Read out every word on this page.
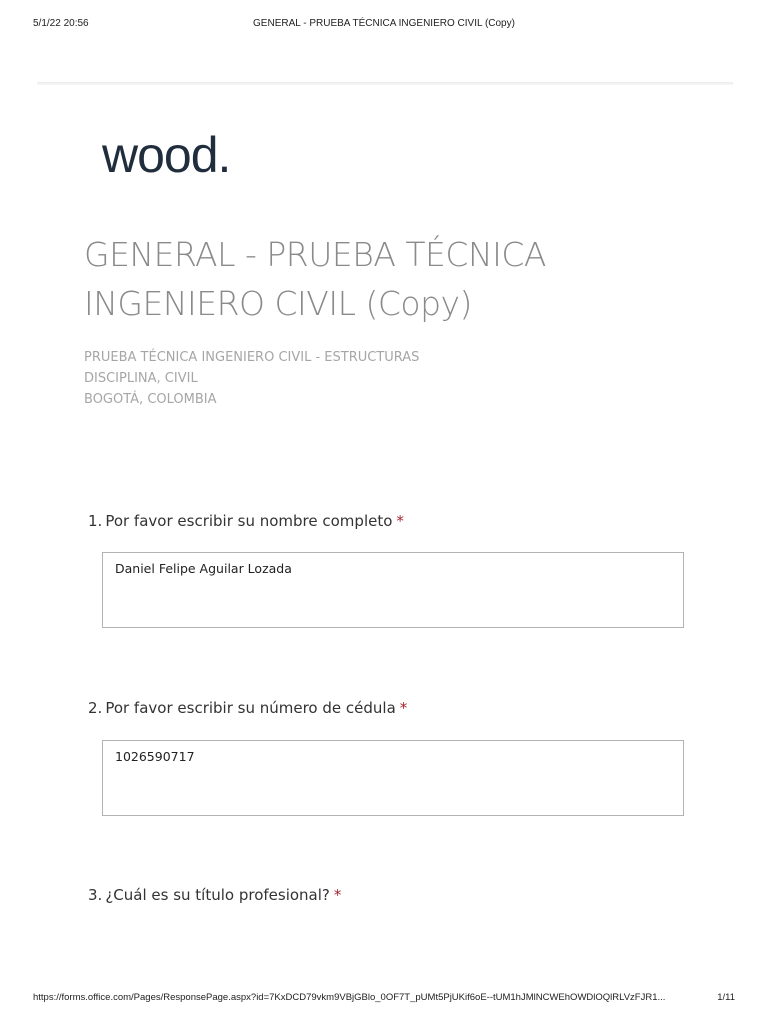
5/1/22 20:56	GENERAL - PRUEBA TÉCNICA INGENIERO CIVIL (Copy)
wood.
GENERAL - PRUEBA TÉCNICA INGENIERO CIVIL (Copy)
PRUEBA TÉCNICA INGENIERO CIVIL - ESTRUCTURAS
DISCIPLINA, CIVIL
BOGOTÁ, COLOMBIA
1. Por favor escribir su nombre completo *
Daniel Felipe Aguilar Lozada
2. Por favor escribir su número de cédula *
1026590717
3. ¿Cuál es su título profesional? *
https://forms.office.com/Pages/ResponsePage.aspx?id=7KxDCD79vkm9VBjGBlo_0OF7T_pUMt5PjUKif6oE--tUM1hJMlNCWEhOWDlOQlRLVzFJR1...	1/11
